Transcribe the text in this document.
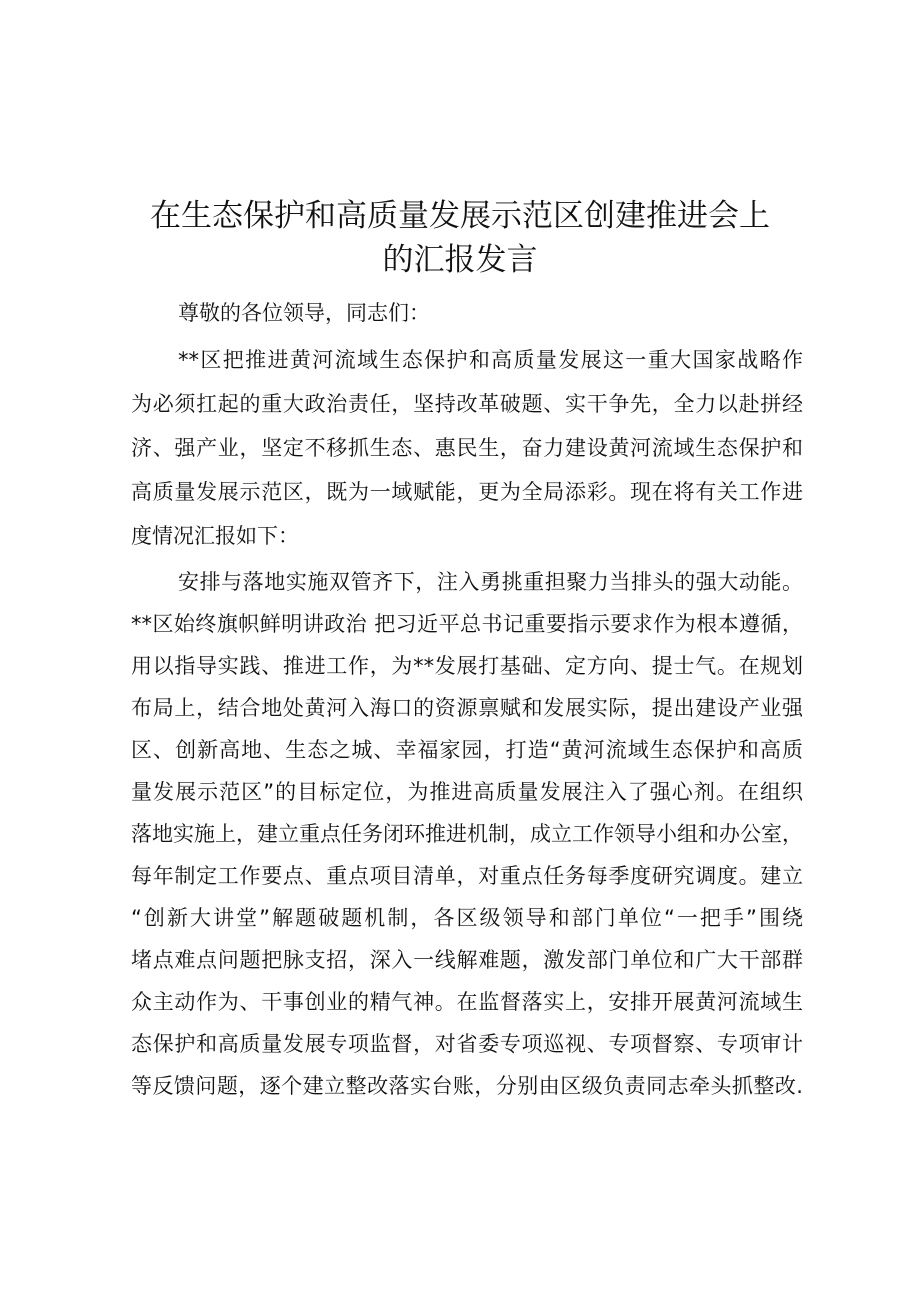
在生态保护和高质量发展示范区创建推进会上
的汇报发言
尊敬的各位领导，同志们：
**区把推进黄河流域生态保护和高质量发展这一重大国家战略作
为必须扛起的重大政治责任，坚持改革破题、实干争先，全力以赴拼经
济、强产业，坚定不移抓生态、惠民生，奋力建设黄河流域生态保护和
高质量发展示范区，既为一域赋能，更为全局添彩。现在将有关工作进
度情况汇报如下：
安排与落地实施双管齐下，注入勇挑重担聚力当排头的强大动能。
**区始终旗帜鲜明讲政治 把习近平总书记重要指示要求作为根本遵循，
用以指导实践、推进工作，为**发展打基础、定方向、提士气。在规划
布局上，结合地处黄河入海口的资源禀赋和发展实际，提出建设产业强
区、创新高地、生态之城、幸福家园，打造“黄河流域生态保护和高质
量发展示范区”的目标定位，为推进高质量发展注入了强心剂。在组织
落地实施上，建立重点任务闭环推进机制，成立工作领导小组和办公室，
每年制定工作要点、重点项目清单，对重点任务每季度研究调度。建立
“创新大讲堂”解题破题机制，各区级领导和部门单位“一把手”围绕
堵点难点问题把脉支招，深入一线解难题，激发部门单位和广大干部群
众主动作为、干事创业的精气神。在监督落实上，安排开展黄河流域生
态保护和高质量发展专项监督，对省委专项巡视、专项督察、专项审计
等反馈问题，逐个建立整改落实台账，分别由区级负责同志牵头抓整改.
